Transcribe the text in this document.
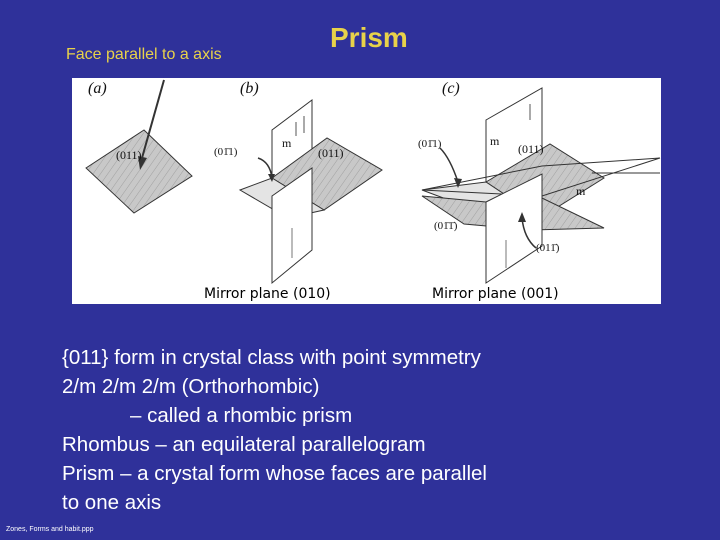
Face parallel to a axis
Prism
(a)	(b)	(c)
(011)	(01̄1)
m
(011)
(01̄1)	m
(011)
m
(01̄1̄)
(011̄)
Mirror plane (010)	Mirror plane (001)
{011} form in crystal class with point symmetry
2/m 2/m 2/m (Orthorhombic)
– called a rhombic prism
Rhombus – an equilateral parallelogram
Prism – a crystal form whose faces are parallel
to one axis
Zones, Forms and habit.ppp
